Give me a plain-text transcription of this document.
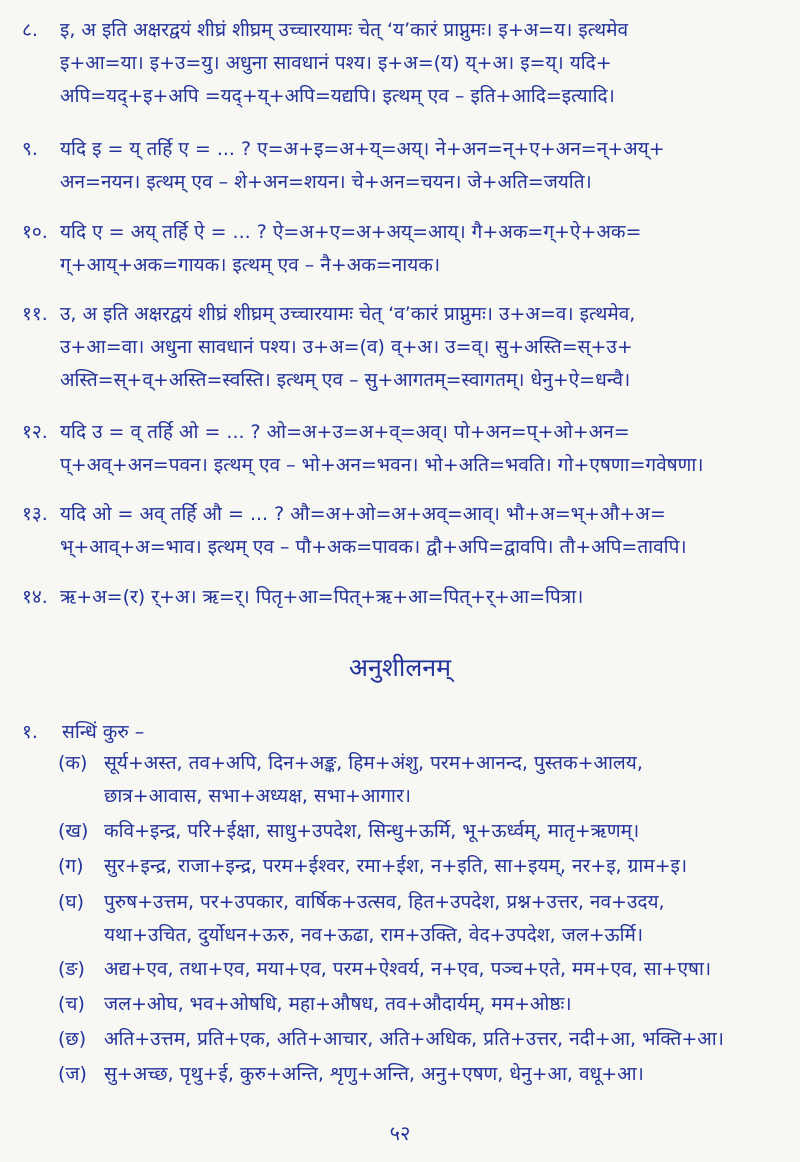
८.	इ, अ इति अक्षरद्वयं शीघ्रं शीघ्रम् उच्चारयामः चेत् ‘य’कारं प्राप्नुमः। इ+अ=य। इत्थमेव
इ+आ=या। इ+उ=यु। अधुना सावधानं पश्य। इ+अ=(य) य्+अ। इ=य्। यदि+
अपि=यद्+इ+अपि =यद्+य्+अपि=यद्यपि। इत्थम् एव – इति+आदि=इत्यादि।
९.	यदि इ = य् तर्हि ए = ... ? ए=अ+इ=अ+य्=अय्। ने+अन=न्+ए+अन=न्+अय्+
अन=नयन। इत्थम् एव – शे+अन=शयन। चे+अन=चयन। जे+अति=जयति।
१०. यदि ए = अय् तर्हि ऐ = ... ? ऐ=अ+ए=अ+अय्=आय्। गै+अक=ग्+ऐ+अक=
ग्+आय्+अक=गायक। इत्थम् एव – नै+अक=नायक।
११. उ, अ इति अक्षरद्वयं शीघ्रं शीघ्रम् उच्चारयामः चेत् ‘व’कारं प्राप्नुमः। उ+अ=व। इत्थमेव,
उ+आ=वा। अधुना सावधानं पश्य। उ+अ=(व) व्+अ। उ=व्। सु+अस्ति=स्+उ+
अस्ति=स्+व्+अस्ति=स्वस्ति। इत्थम् एव – सु+आगतम्=स्वागतम्। धेनु+ऐ=धन्वै।
१२. यदि उ = व् तर्हि ओ = ... ? ओ=अ+उ=अ+व्=अव्। पो+अन=प्+ओ+अन=
प्+अव्+अन=पवन। इत्थम् एव – भो+अन=भवन। भो+अति=भवति। गो+एषणा=गवेषणा।
१३. यदि ओ = अव् तर्हि औ = ... ? औ=अ+ओ=अ+अव्=आव्। भौ+अ=भ्+औ+अ=
भ्+आव्+अ=भाव। इत्थम् एव – पौ+अक=पावक। द्वौ+अपि=द्वावपि। तौ+अपि=तावपि।
१४. ऋ+अ=(र) र्+अ। ऋ=र्। पितृ+आ=पित्+ऋ+आ=पित्+र्+आ=पित्रा।
अनुशीलनम्
१. सन्धिं कुरु –
(क) सूर्य+अस्त, तव+अपि, दिन+अङ्क, हिम+अंशु, परम+आनन्द, पुस्तक+आलय,
छात्र+आवास, सभा+अध्यक्ष, सभा+आगार।
(ख) कवि+इन्द्र, परि+ईक्षा, साधु+उपदेश, सिन्धु+ऊर्मि, भू+ऊर्ध्वम्, मातृ+ऋणम्।
(ग)	सुर+इन्द्र, राजा+इन्द्र, परम+ईश्वर, रमा+ईश, न+इति, सा+इयम्, नर+इ, ग्राम+इ।
(घ)	पुरुष+उत्तम, पर+उपकार, वार्षिक+उत्सव, हित+उपदेश, प्रश्न+उत्तर, नव+उदय,
यथा+उचित, दुर्योधन+ऊरु, नव+ऊढा, राम+उक्ति, वेद+उपदेश, जल+ऊर्मि।
(ङ)	अद्य+एव, तथा+एव, मया+एव, परम+ऐश्वर्य, न+एव, पञ्च+एते, मम+एव, सा+एषा।
(च)	जल+ओघ, भव+ओषधि, महा+औषध, तव+औदार्यम्, मम+ओष्ठः।
(छ) अति+उत्तम, प्रति+एक, अति+आचार, अति+अधिक, प्रति+उत्तर, नदी+आ, भक्ति+आ।
(ज) सु+अच्छ, पृथु+ई, कुरु+अन्ति, शृणु+अन्ति, अनु+एषण, धेनु+आ, वधू+आ।
५२
